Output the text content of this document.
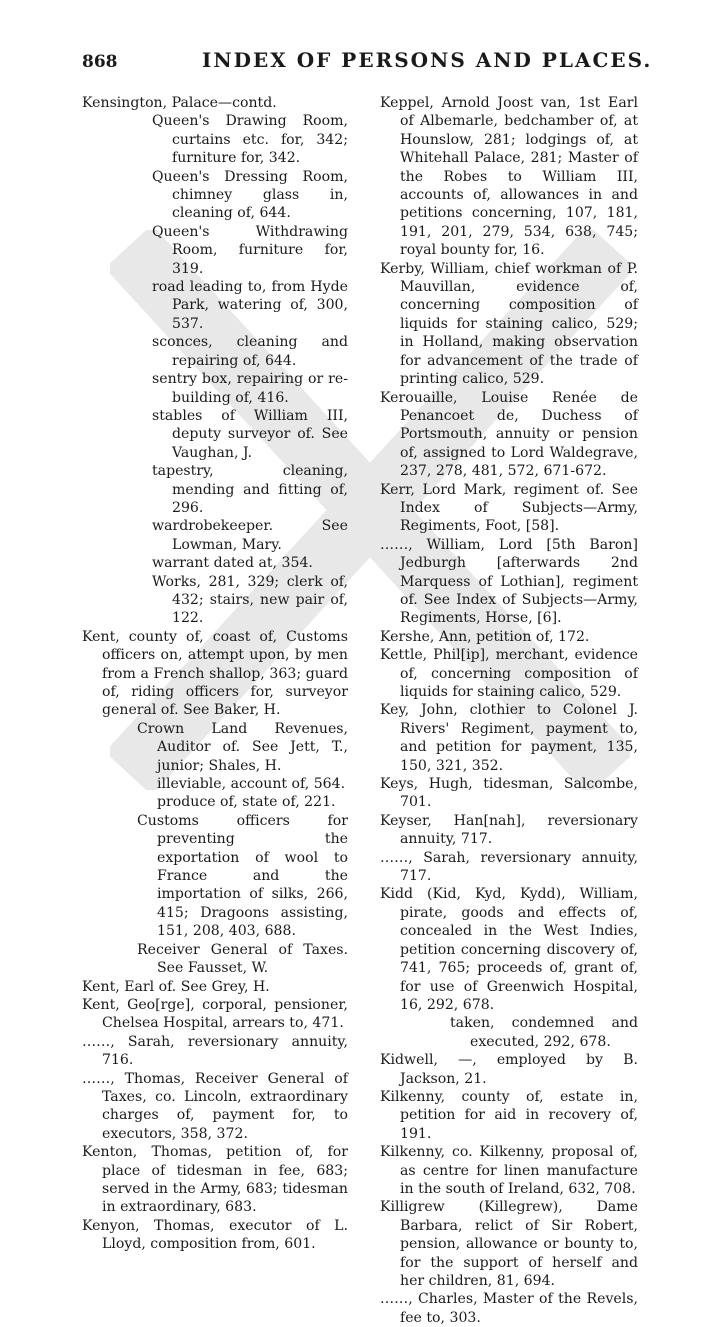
868	INDEX OF PERSONS AND PLACES.

Kensington, Palace—contd.

Queen's Drawing Room, curtains etc. for, 342; furniture for, 342.

Queen's Dressing Room, chimney glass in, cleaning of, 644.

Queen's Withdrawing Room, furniture for, 319.

road leading to, from Hyde Park, watering of, 300, 537.

sconces, cleaning and repairing of, 644.

sentry box, repairing or re-building of, 416.

stables of William III, deputy surveyor of. See Vaughan, J.

tapestry, cleaning, mending and fitting of, 296.

wardrobekeeper. See Lowman, Mary.

warrant dated at, 354.

Works, 281, 329; clerk of, 432; stairs, new pair of, 122.

Kent, county of, coast of, Customs officers on, attempt upon, by men from a French shallop, 363; guard of, riding officers for, surveyor general of. See Baker, H.

Crown Land Revenues, Auditor of. See Jett, T., junior; Shales, H.

illeviable, account of, 564.

produce of, state of, 221.

Customs officers for preventing the exportation of wool to France and the importation of silks, 266, 415; Dragoons assisting, 151, 208, 403, 688.

Receiver General of Taxes. See Fausset, W.

Kent, Earl of. See Grey, H.

Kent, Geo[rge], corporal, pensioner, Chelsea Hospital, arrears to, 471.

……, Sarah, reversionary annuity, 716.

……, Thomas, Receiver General of Taxes, co. Lincoln, extraordinary charges of, payment for, to executors, 358, 372.

Kenton, Thomas, petition of, for place of tidesman in fee, 683; served in the Army, 683; tidesman in extraordinary, 683.

Kenyon, Thomas, executor of L. Lloyd, composition from, 601.

Keppel, Arnold Joost van, 1st Earl of Albemarle, bedchamber of, at Hounslow, 281; lodgings of, at Whitehall Palace, 281; Master of the Robes to William III, accounts of, allowances in and petitions concerning, 107, 181, 191, 201, 279, 534, 638, 745; royal bounty for, 16.

Kerby, William, chief workman of P. Mauvillan, evidence of, concerning composition of liquids for staining calico, 529; in Holland, making observation for advancement of the trade of printing calico, 529.

Kerouaille, Louise Renée de Penancoet de, Duchess of Portsmouth, annuity or pension of, assigned to Lord Waldegrave, 237, 278, 481, 572, 671-672.

Kerr, Lord Mark, regiment of. See Index of Subjects—Army, Regiments, Foot, [58].

……, William, Lord [5th Baron] Jedburgh [afterwards 2nd Marquess of Lothian], regiment of. See Index of Subjects—Army, Regiments, Horse, [6].

Kershe, Ann, petition of, 172.

Kettle, Phil[ip], merchant, evidence of, concerning composition of liquids for staining calico, 529.

Key, John, clothier to Colonel J. Rivers' Regiment, payment to, and petition for payment, 135, 150, 321, 352.

Keys, Hugh, tidesman, Salcombe, 701.

Keyser, Han[nah], reversionary annuity, 717.

……, Sarah, reversionary annuity, 717.

Kidd (Kid, Kyd, Kydd), William, pirate, goods and effects of, concealed in the West Indies, petition concerning discovery of, 741, 765; proceeds of, grant of, for use of Greenwich Hospital, 16, 292, 678.

taken, condemned and executed, 292, 678.

Kidwell, —, employed by B. Jackson, 21.

Kilkenny, county of, estate in, petition for aid in recovery of, 191.

Kilkenny, co. Kilkenny, proposal of, as centre for linen manufacture in the south of Ireland, 632, 708.

Killigrew (Killegrew), Dame Barbara, relict of Sir Robert, pension, allowance or bounty to, for the support of herself and her children, 81, 694.

……, Charles, Master of the Revels, fee to, 303.
